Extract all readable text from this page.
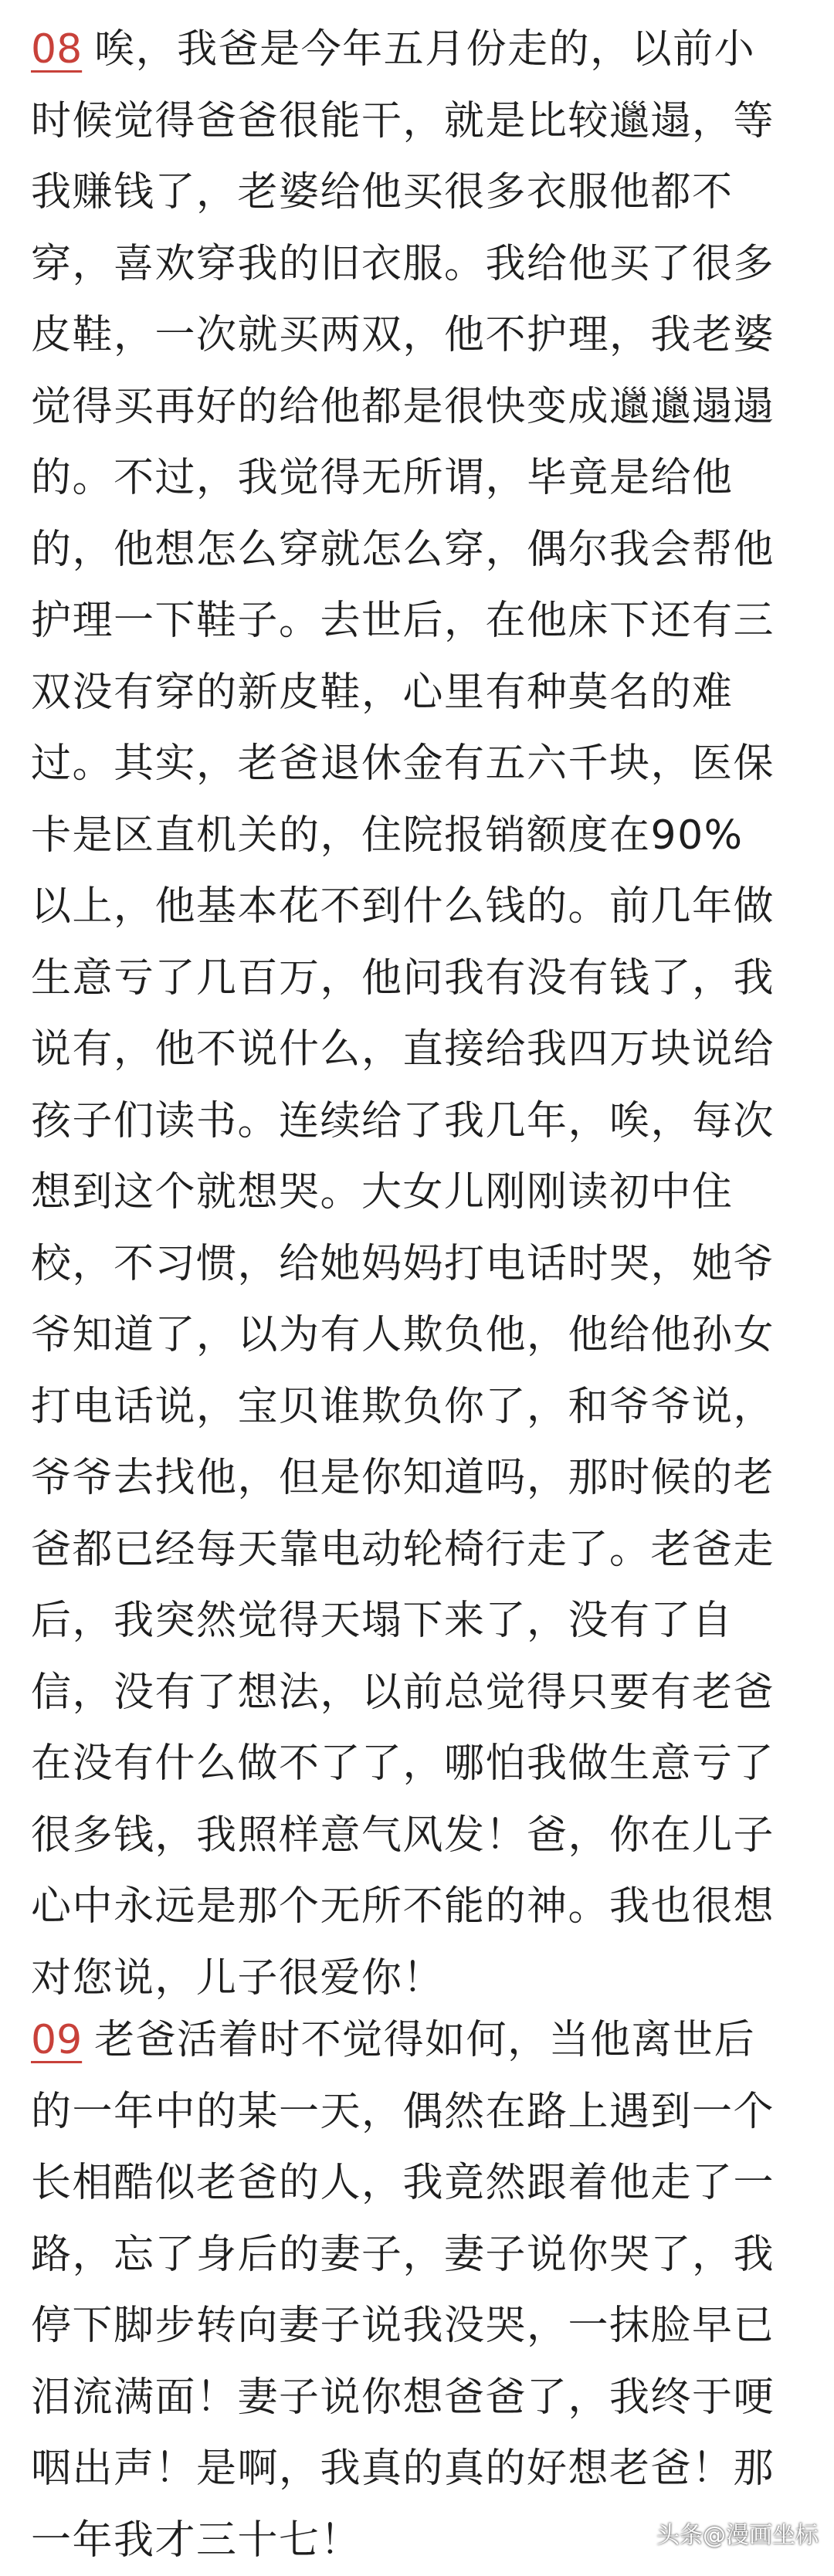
08 唉，我爸是今年五月份走的，以前小
时候觉得爸爸很能干，就是比较邋遢，等
我赚钱了，老婆给他买很多衣服他都不
穿，喜欢穿我的旧衣服。我给他买了很多
皮鞋，一次就买两双，他不护理，我老婆
觉得买再好的给他都是很快变成邋邋遢遢
的。不过，我觉得无所谓，毕竟是给他
的，他想怎么穿就怎么穿，偶尔我会帮他
护理一下鞋子。去世后，在他床下还有三
双没有穿的新皮鞋，心里有种莫名的难
过。其实，老爸退休金有五六千块，医保
卡是区直机关的，住院报销额度在90%
以上，他基本花不到什么钱的。前几年做
生意亏了几百万，他问我有没有钱了，我
说有，他不说什么，直接给我四万块说给
孩子们读书。连续给了我几年，唉，每次
想到这个就想哭。大女儿刚刚读初中住
校，不习惯，给她妈妈打电话时哭，她爷
爷知道了，以为有人欺负他，他给他孙女
打电话说，宝贝谁欺负你了，和爷爷说，
爷爷去找他，但是你知道吗，那时候的老
爸都已经每天靠电动轮椅行走了。老爸走
后，我突然觉得天塌下来了，没有了自
信，没有了想法，以前总觉得只要有老爸
在没有什么做不了了，哪怕我做生意亏了
很多钱，我照样意气风发！爸，你在儿子
心中永远是那个无所不能的神。我也很想
对您说，儿子很爱你！
09 老爸活着时不觉得如何，当他离世后
的一年中的某一天，偶然在路上遇到一个
长相酷似老爸的人，我竟然跟着他走了一
路，忘了身后的妻子，妻子说你哭了，我
停下脚步转向妻子说我没哭，一抹脸早已
泪流满面！妻子说你想爸爸了，我终于哽
咽出声！是啊，我真的真的好想老爸！那
一年我才三十七！	头条@漫画坐标
